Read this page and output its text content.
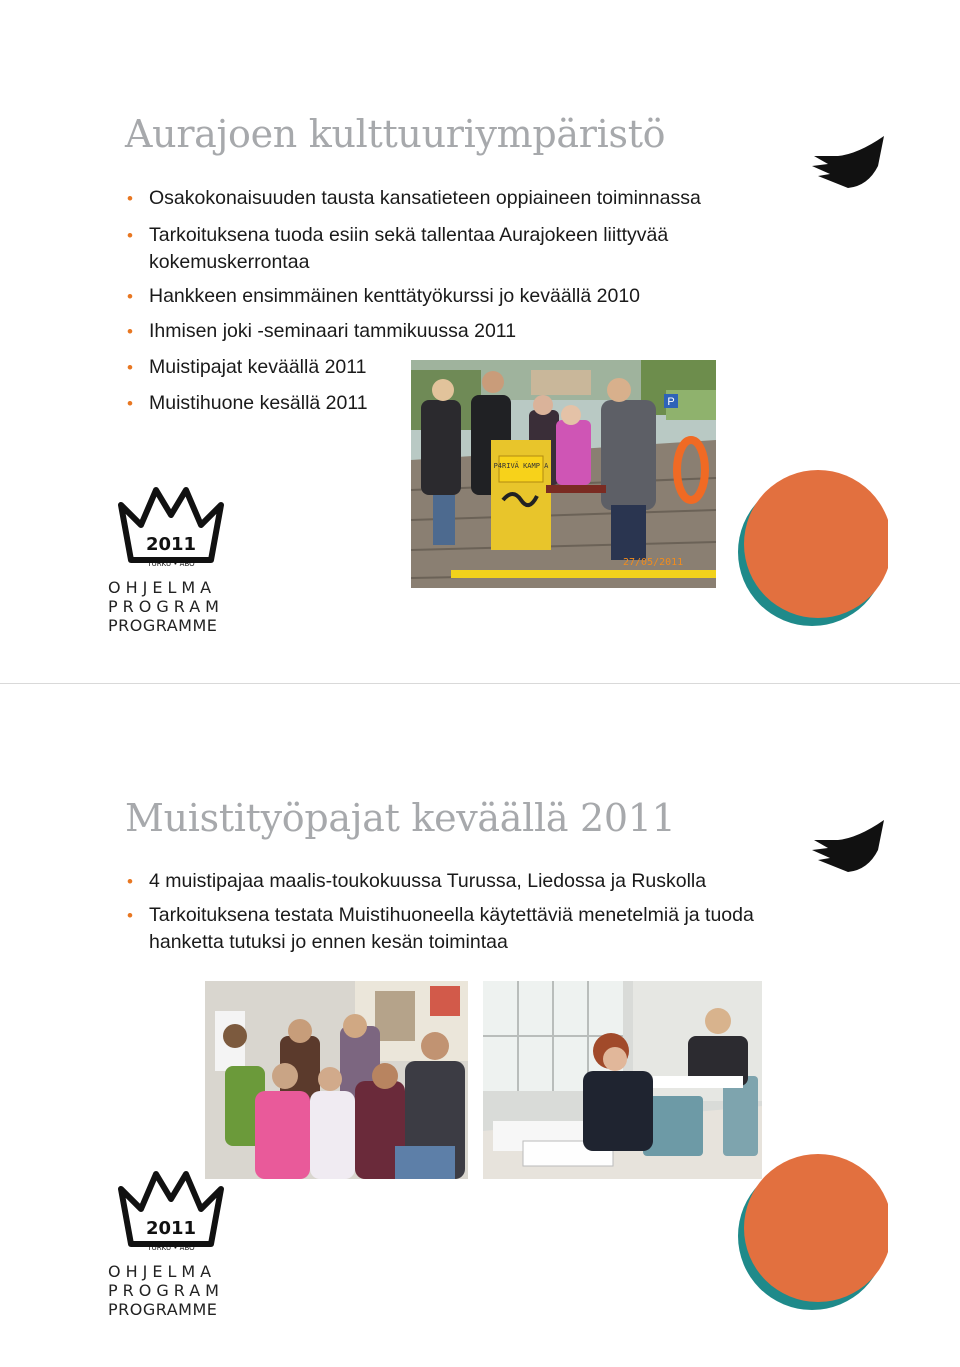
Aurajoen kulttuuriympäristö
• Osakokonaisuuden tausta kansatieteen oppiaineen toiminnassa
• Tarkoituksena tuoda esiin sekä tallentaa Aurajokeen liittyvää kokemuskerrontaa
• Hankkeen ensimmäinen kenttätyökurssi jo keväällä 2010
• Ihmisen joki -seminaari tammikuussa 2011
• Muistipajat keväällä 2011
• Muistihuone kesällä 2011	P
P4RIVÄ KAMP A
27/05/2011
2011
TURKU • ÅBO
OHJELMA
PROGRAM
PROGRAMME
Muistityöpajat keväällä 2011
• 4 muistipajaa maalis-toukokuussa Turussa, Liedossa ja Ruskolla
• Tarkoituksena testata Muistihuoneella käytettäviä menetelmiä ja tuoda hanketta tutuksi jo ennen kesän toimintaa
2011
TURKU • ÅBO
OHJELMA
PROGRAM
PROGRAMME
